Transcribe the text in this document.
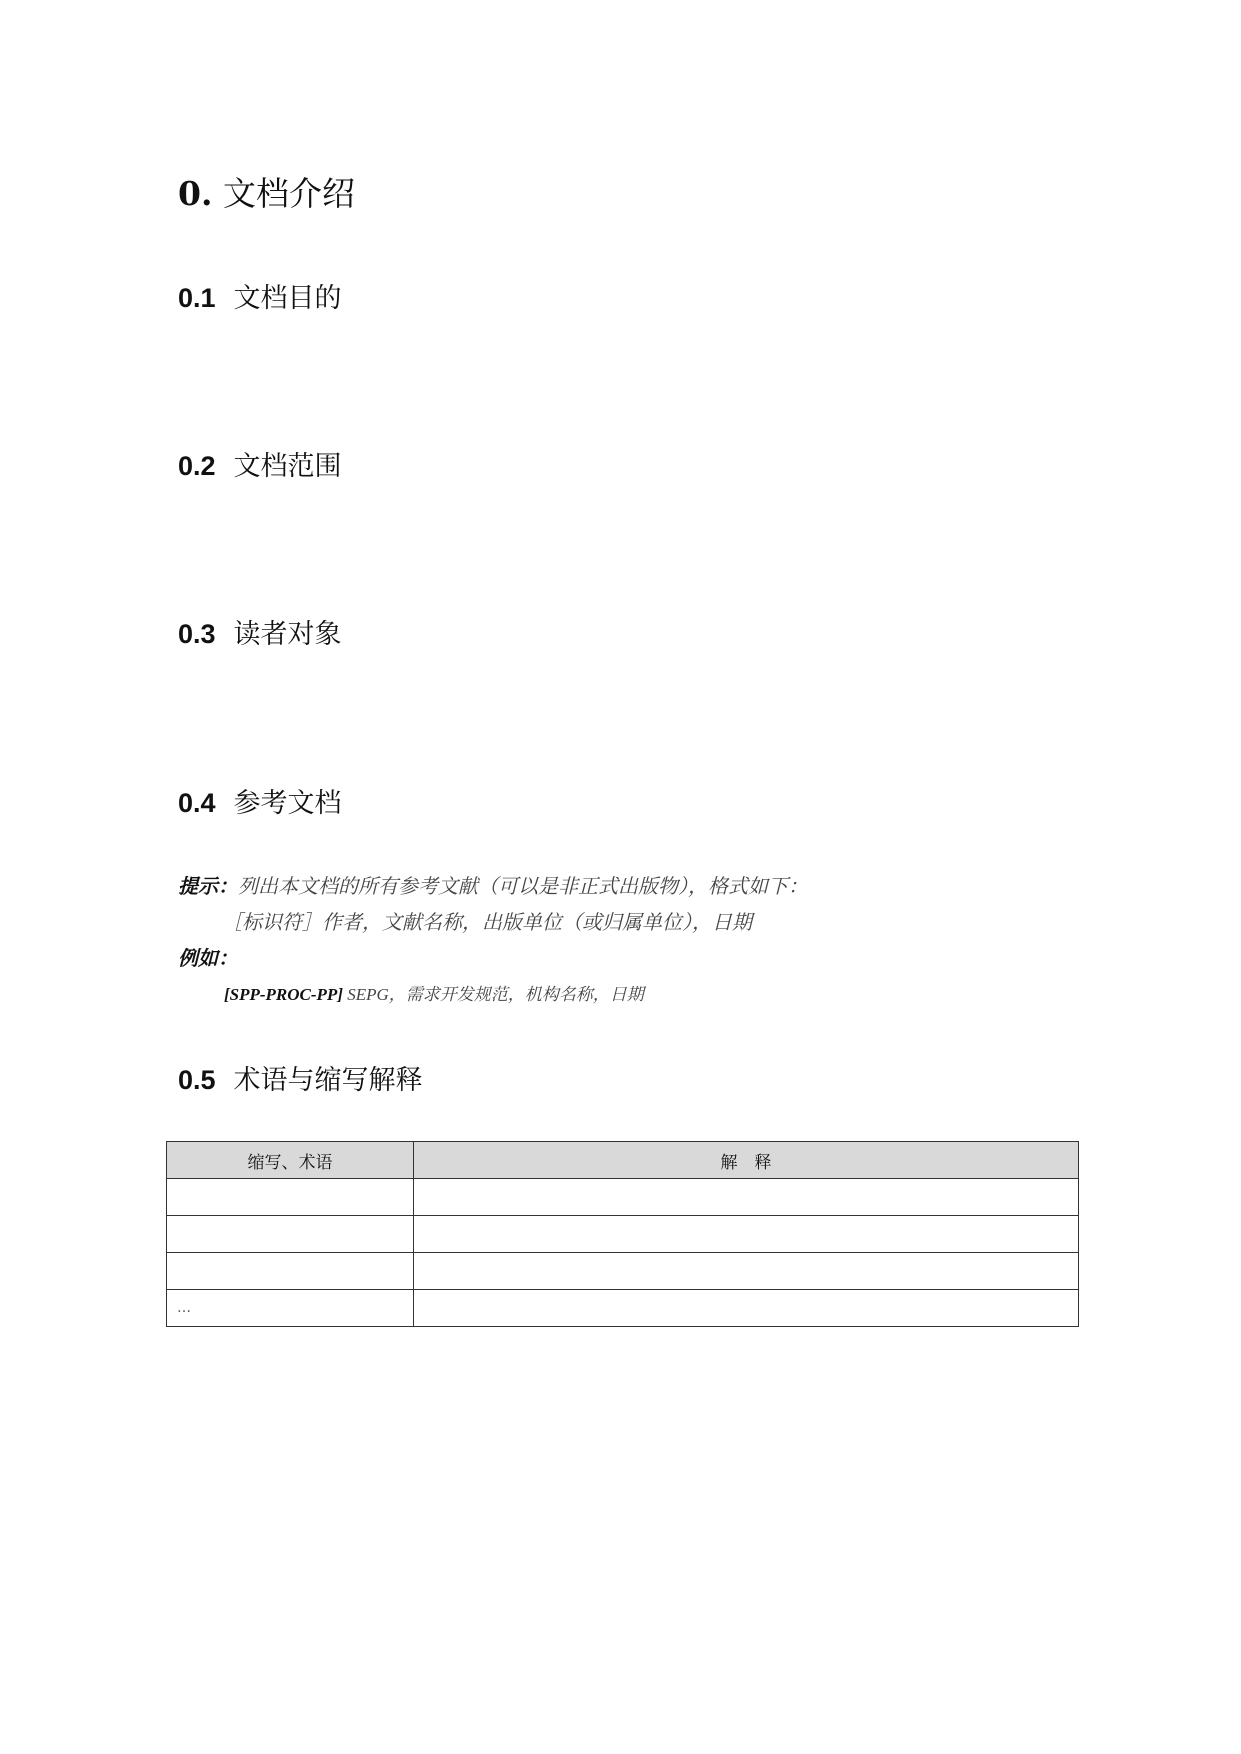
0. 文档介绍
0.1 文档目的
0.2 文档范围
0.3 读者对象
0.4 参考文档
提示：列出本文档的所有参考文献（可以是非正式出版物），格式如下：
［标识符］作者，文献名称，出版单位（或归属单位），日期
例如：
[SPP-PROC-PP] SEPG，需求开发规范，机构名称，日期
0.5 术语与缩写解释
缩写、术语	解　释

…	
